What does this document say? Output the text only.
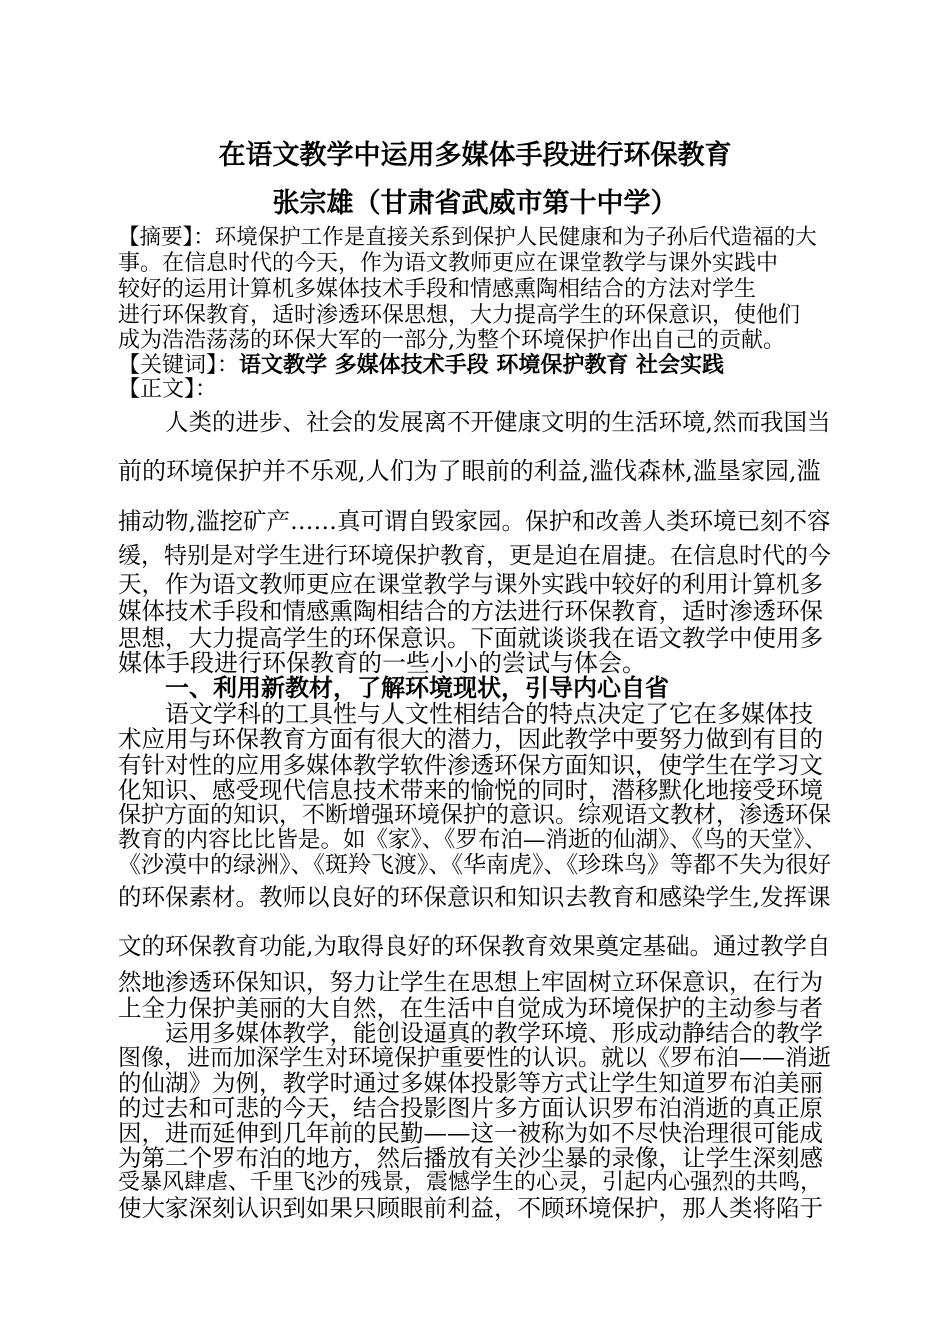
在语文教学中运用多媒体手段进行环保教育
张宗雄（甘肃省武威市第十中学）
【摘要】：环境保护工作是直接关系到保护人民健康和为子孙后代造福的大
事。在信息时代的今天，作为语文教师更应在课堂教学与课外实践中
较好的运用计算机多媒体技术手段和情感熏陶相结合的方法对学生
进行环保教育，适时渗透环保思想，大力提高学生的环保意识，使他们
成为浩浩荡荡的环保大军的一部分,为整个环境保护作出自己的贡献。
【关键词】：语文教学 多媒体技术手段 环境保护教育 社会实践
【正文】：
人类的进步、社会的发展离不开健康文明的生活环境,然而我国当
前的环境保护并不乐观,人们为了眼前的利益,滥伐森林,滥垦家园,滥
捕动物,滥挖矿产……真可谓自毁家园。保护和改善人类环境已刻不容
缓，特别是对学生进行环境保护教育，更是迫在眉捷。在信息时代的今
天，作为语文教师更应在课堂教学与课外实践中较好的利用计算机多
媒体技术手段和情感熏陶相结合的方法进行环保教育，适时渗透环保
思想，大力提高学生的环保意识。下面就谈谈我在语文教学中使用多
媒体手段进行环保教育的一些小小的尝试与体会。
一、利用新教材，了解环境现状，引导内心自省
语文学科的工具性与人文性相结合的特点决定了它在多媒体技
术应用与环保教育方面有很大的潜力，因此教学中要努力做到有目的
有针对性的应用多媒体教学软件渗透环保方面知识，使学生在学习文
化知识、感受现代信息技术带来的愉悦的同时，潜移默化地接受环境
保护方面的知识，不断增强环境保护的意识。综观语文教材，渗透环保
教育的内容比比皆是。如《家》、《罗布泊—消逝的仙湖》、《鸟的天堂》、
《沙漠中的绿洲》、《斑羚飞渡》、《华南虎》、《珍珠鸟》等都不失为很好
的环保素材。教师以良好的环保意识和知识去教育和感染学生,发挥课
文的环保教育功能,为取得良好的环保教育效果奠定基础。通过教学自
然地渗透环保知识，努力让学生在思想上牢固树立环保意识，在行为
上全力保护美丽的大自然，在生活中自觉成为环境保护的主动参与者
运用多媒体教学，能创设逼真的教学环境、形成动静结合的教学
图像，进而加深学生对环境保护重要性的认识。就以《罗布泊——消逝
的仙湖》为例，教学时通过多媒体投影等方式让学生知道罗布泊美丽
的过去和可悲的今天，结合投影图片多方面认识罗布泊消逝的真正原
因，进而延伸到几年前的民勤——这一被称为如不尽快治理很可能成
为第二个罗布泊的地方，然后播放有关沙尘暴的录像，让学生深刻感
受暴风肆虐、千里飞沙的残景，震憾学生的心灵，引起内心强烈的共鸣，
使大家深刻认识到如果只顾眼前利益，不顾环境保护，那人类将陷于
